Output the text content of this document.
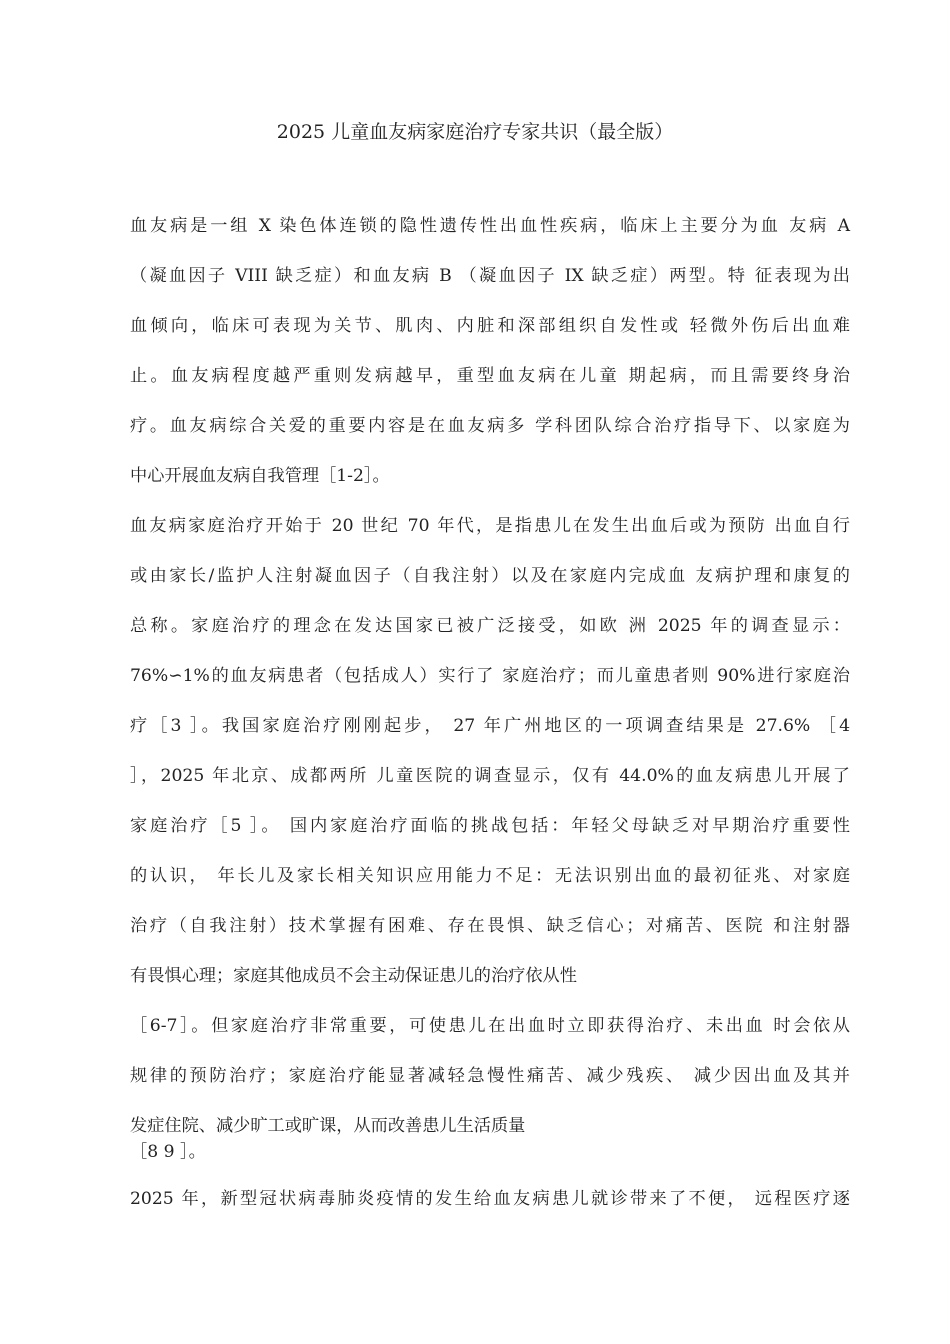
2025 儿童血友病家庭治疗专家共识（最全版）
血友病是一组 X 染色体连锁的隐性遗传性出血性疾病，临床上主要分为血 友病 A
（凝血因子 VIII 缺乏症）和血友病 B （凝血因子 IX 缺乏症）两型。特 征表现为出
血倾向，临床可表现为关节、肌肉、内脏和深部组织自发性或 轻微外伤后出血难
止。血友病程度越严重则发病越早，重型血友病在儿童 期起病，而且需要终身治
疗。血友病综合关爱的重要内容是在血友病多 学科团队综合治疗指导下、以家庭为
中心开展血友病自我管理［1-2］。
血友病家庭治疗开始于 20 世纪 70 年代，是指患儿在发生出血后或为预防 出血自行
或由家长/监护人注射凝血因子（自我注射）以及在家庭内完成血 友病护理和康复的
总称。家庭治疗的理念在发达国家已被广泛接受，如欧 洲 2025 年的调查显示：
76%∽1%的血友病患者（包括成人）实行了 家庭治疗；而儿童患者则 90%进行家庭治
疗［3 ］。我国家庭治疗刚刚起步， 27 年广州地区的一项调查结果是 27.6% ［4
］，2025 年北京、成都两所 儿童医院的调查显示，仅有 44.0%的血友病患儿开展了
家庭治疗［5 ］。 国内家庭治疗面临的挑战包括：年轻父母缺乏对早期治疗重要性
的认识， 年长儿及家长相关知识应用能力不足：无法识别出血的最初征兆、对家庭
治疗（自我注射）技术掌握有困难、存在畏惧、缺乏信心；对痛苦、医院 和注射器
有畏惧心理；家庭其他成员不会主动保证患儿的治疗依从性
［6-7］。但家庭治疗非常重要，可使患儿在出血时立即获得治疗、未出血 时会依从
规律的预防治疗；家庭治疗能显著减轻急慢性痛苦、减少残疾、 减少因出血及其并
发症住院、减少旷工或旷课，从而改善患儿生活质量
［8 9 ］。
2025 年，新型冠状病毒肺炎疫情的发生给血友病患儿就诊带来了不便， 远程医疗逐
